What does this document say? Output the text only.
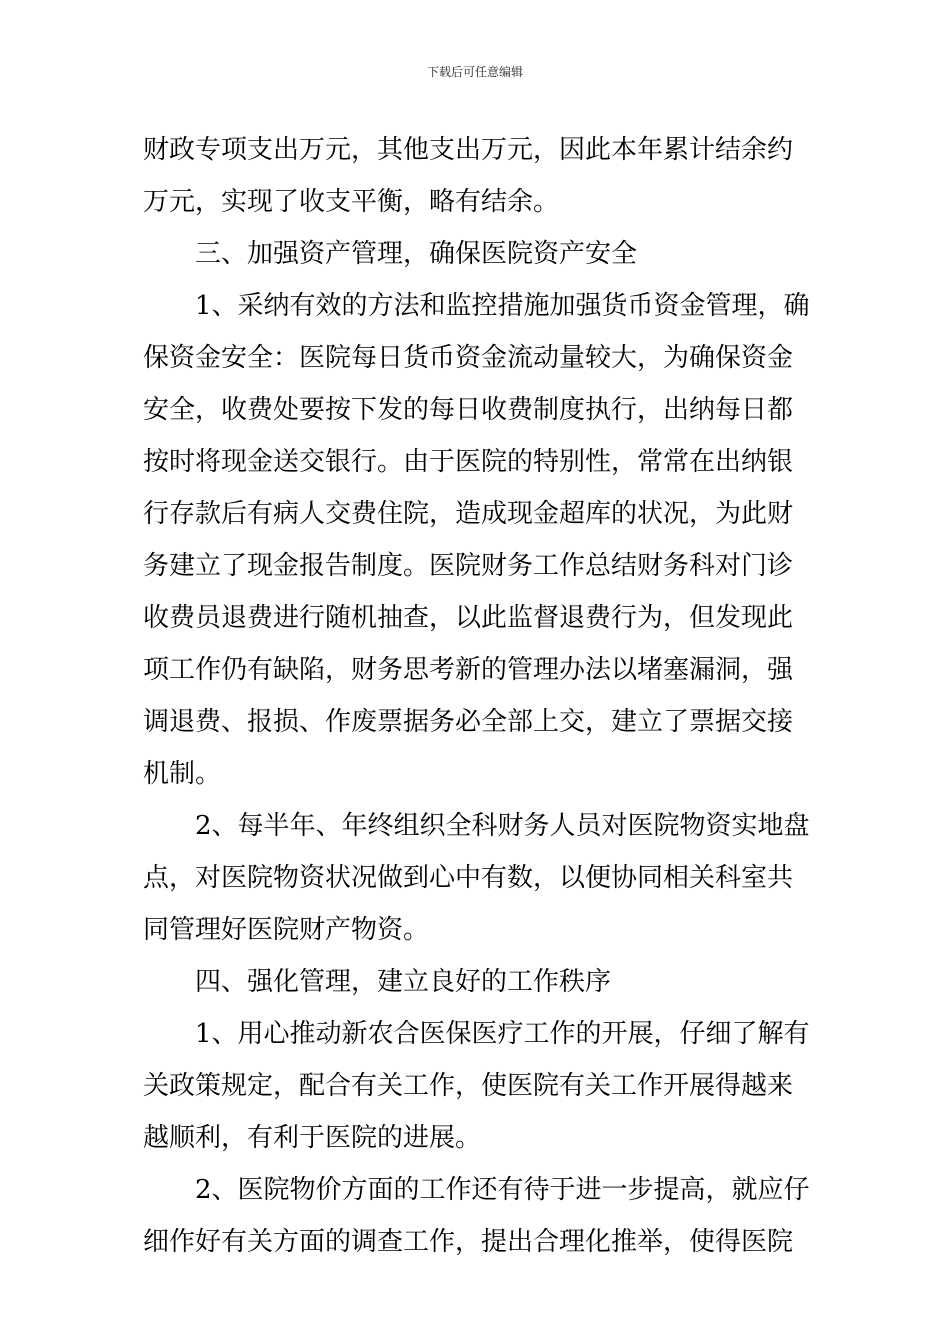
下载后可任意编辑
财政专项支出万元，其他支出万元，因此本年累计结余约
万元，实现了收支平衡，略有结余。
三、加强资产管理，确保医院资产安全
1、采纳有效的方法和监控措施加强货币资金管理，确
保资金安全：医院每日货币资金流动量较大，为确保资金
安全，收费处要按下发的每日收费制度执行，出纳每日都
按时将现金送交银行。由于医院的特别性，常常在出纳银
行存款后有病人交费住院，造成现金超库的状况，为此财
务建立了现金报告制度。医院财务工作总结财务科对门诊
收费员退费进行随机抽查，以此监督退费行为，但发现此
项工作仍有缺陷，财务思考新的管理办法以堵塞漏洞，强
调退费、报损、作废票据务必全部上交，建立了票据交接
机制。
2、每半年、年终组织全科财务人员对医院物资实地盘
点，对医院物资状况做到心中有数，以便协同相关科室共
同管理好医院财产物资。
四、强化管理，建立良好的工作秩序
1、用心推动新农合医保医疗工作的开展，仔细了解有
关政策规定，配合有关工作，使医院有关工作开展得越来
越顺利，有利于医院的进展。
2、医院物价方面的工作还有待于进一步提高，就应仔
细作好有关方面的调查工作，提出合理化推举，使得医院
